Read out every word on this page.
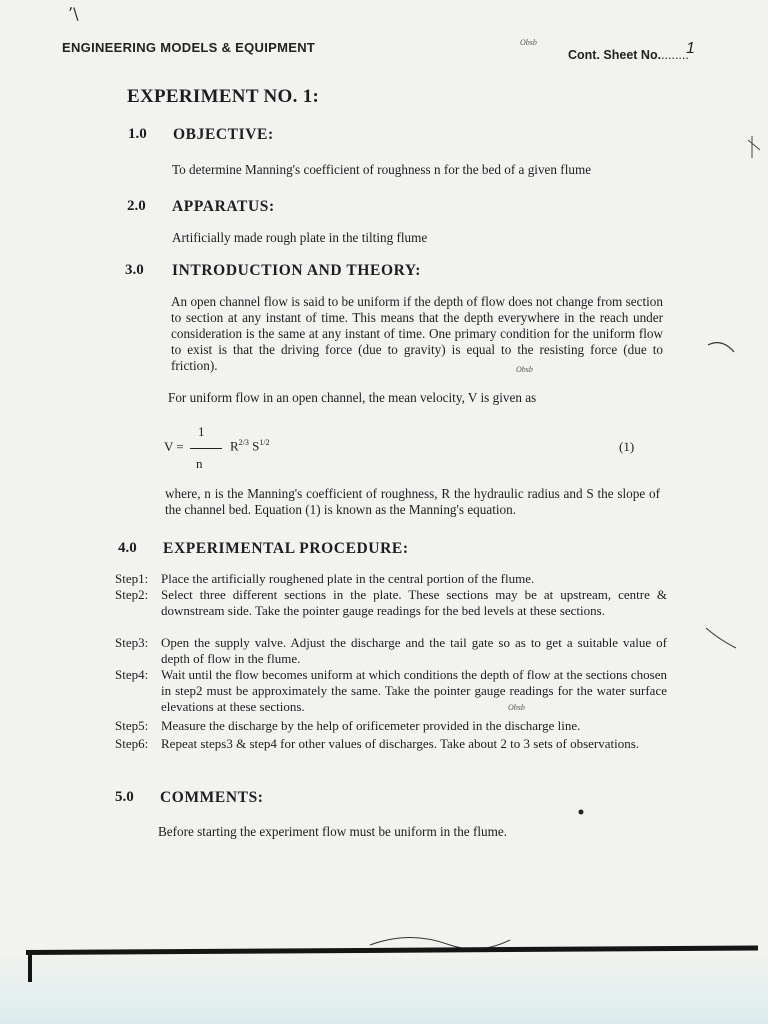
ʼ\
ENGINEERING MODELS & EQUIPMENT	Obsb
Cont. Sheet No.........
1
EXPERIMENT NO. 1:
1.0 OBJECTIVE:
To determine Manning's coefficient of roughness n for the bed of a given flume
2.0 APPARATUS:
Artificially made rough plate in the tilting flume
3.0 INTRODUCTION AND THEORY:
An open channel flow is said to be uniform if the depth of flow does not change from section to section at any instant of time. This means that the depth everywhere in the reach under consideration is the same at any instant of time. One primary condition for the uniform flow to exist is that the driving force (due to gravity) is equal to the resisting force (due to friction).	Obsb
For uniform flow in an open channel, the mean velocity, V is given as
V =
1
n
$R^{2/3}$ $S^{1/2}$	(1)
where, n is the Manning's coefficient of roughness, R the hydraulic radius and S the slope of the channel bed. Equation (1) is known as the Manning's equation.
4.0 EXPERIMENTAL PROCEDURE:
Step1: Place the artificially roughened plate in the central portion of the flume.
Step2: Select three different sections in the plate. These sections may be at upstream, centre & downstream side. Take the pointer gauge readings for the bed levels at these sections.
Step3: Open the supply valve. Adjust the discharge and the tail gate so as to get a suitable value of depth of flow in the flume.
Step4: Wait until the flow becomes uniform at which conditions the depth of flow at the sections chosen in step2 must be approximately the same. Take the pointer gauge readings for the water surface elevations at these sections.	Obsb
Step5: Measure the discharge by the help of orificemeter provided in the discharge line.
Step6: Repeat steps3 & step4 for other values of discharges. Take about 2 to 3 sets of observations.
5.0 COMMENTS:
Before starting the experiment flow must be uniform in the flume.
